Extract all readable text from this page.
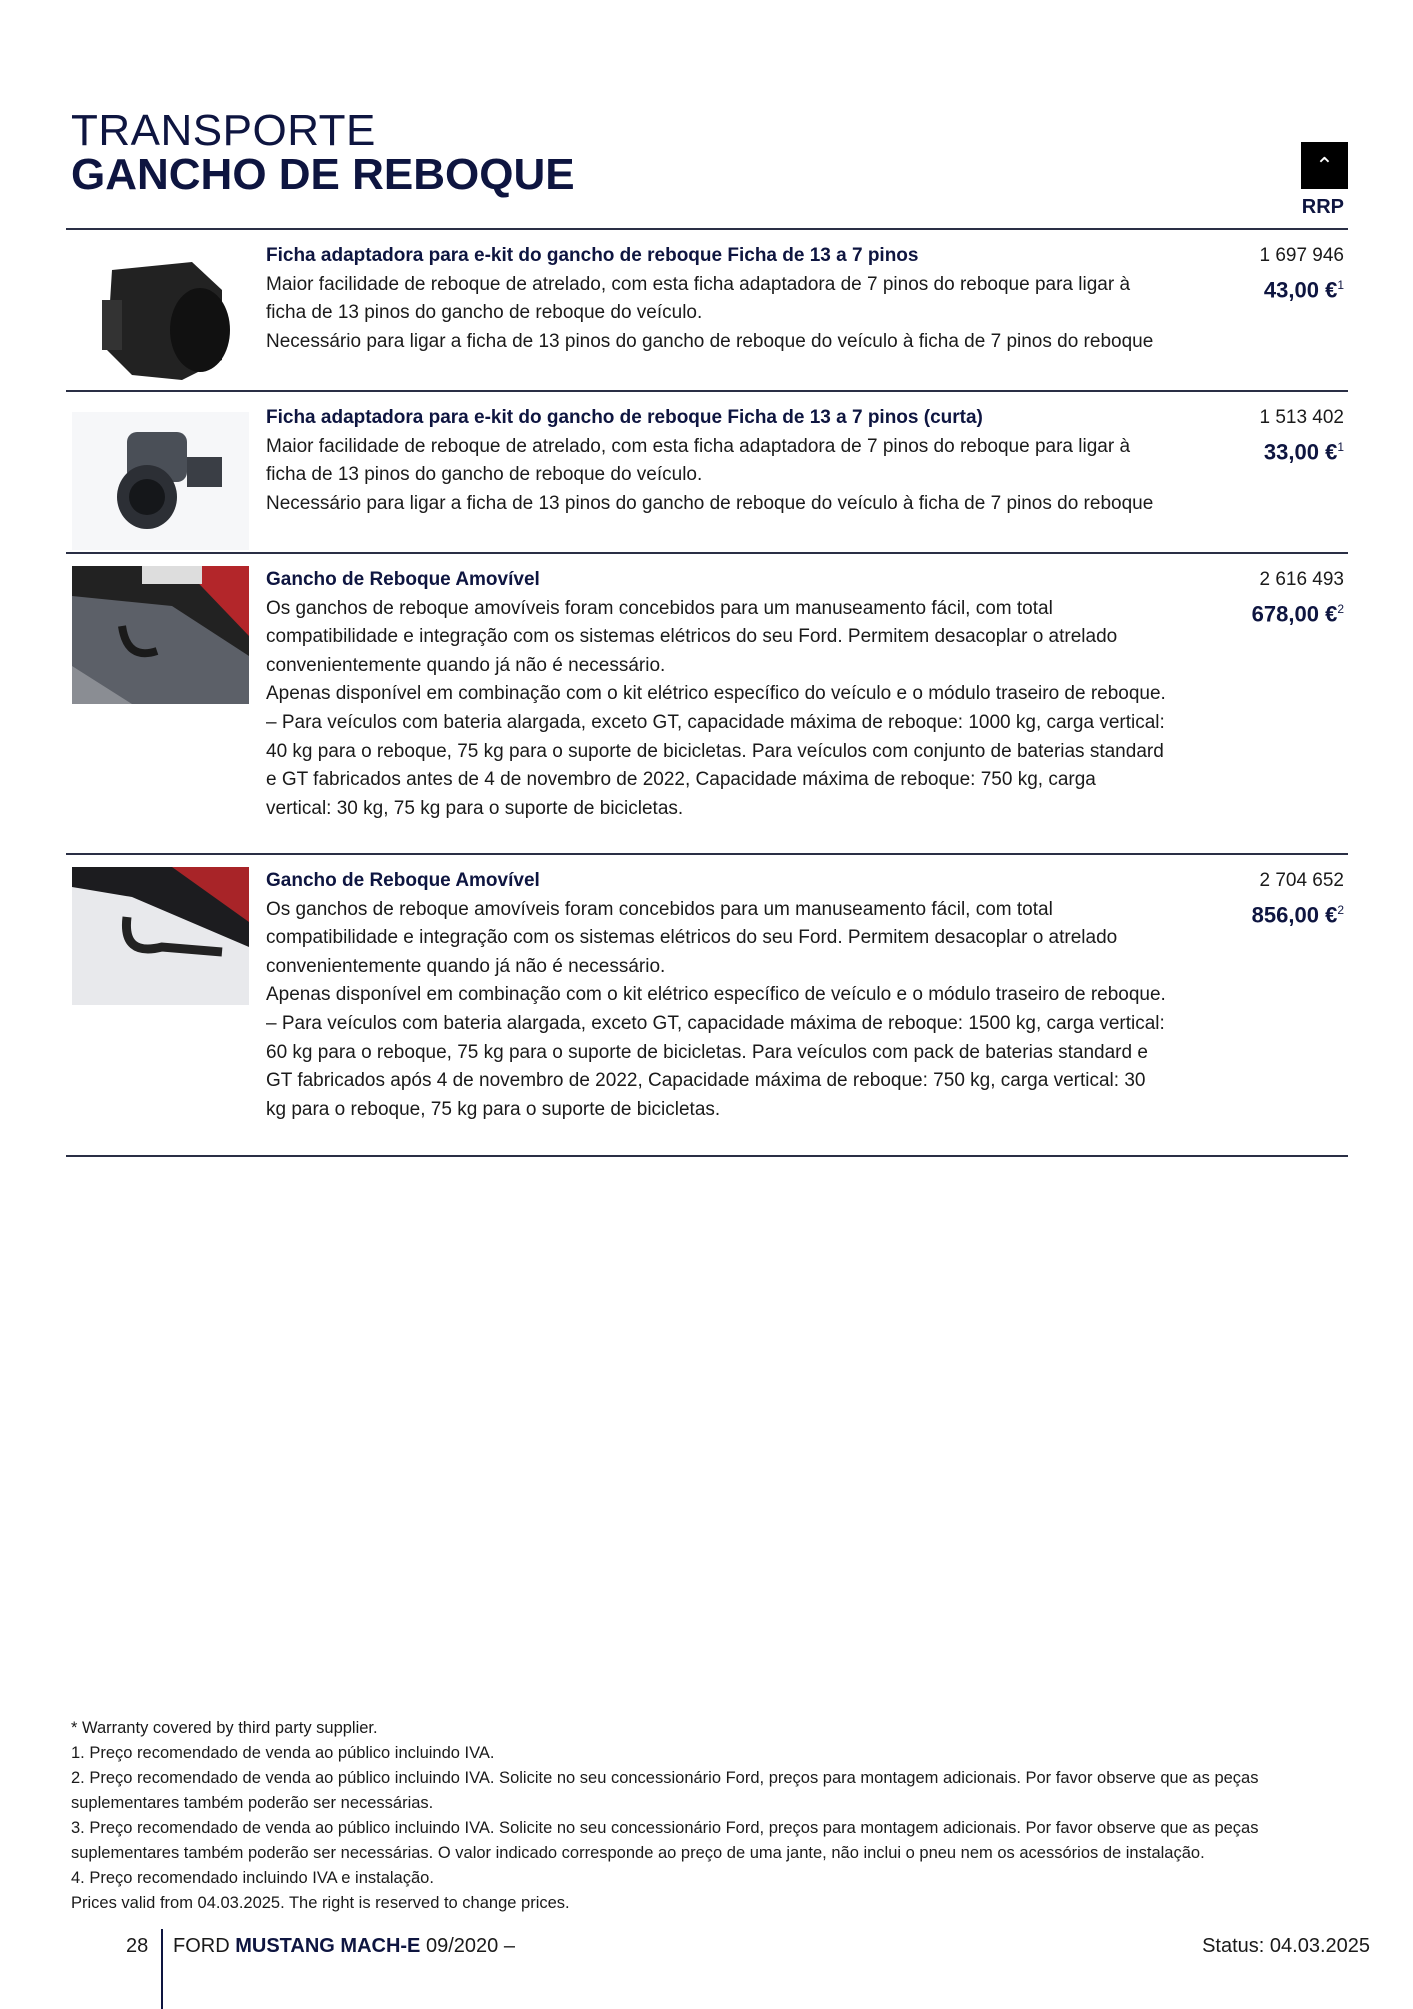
TRANSPORTE
GANCHO DE REBOQUE	⌃
RRP
Ficha adaptadora para e-kit do gancho de reboque Ficha de 13 a 7 pinos
Maior facilidade de reboque de atrelado, com esta ficha adaptadora de 7 pinos do reboque para ligar à ficha de 13 pinos do gancho de reboque do veículo.
Necessário para ligar a ficha de 13 pinos do gancho de reboque do veículo à ficha de 7 pinos do reboque
1 697 946
43,00 €$^1$
Ficha adaptadora para e-kit do gancho de reboque Ficha de 13 a 7 pinos (curta)
Maior facilidade de reboque de atrelado, com esta ficha adaptadora de 7 pinos do reboque para ligar à ficha de 13 pinos do gancho de reboque do veículo.
Necessário para ligar a ficha de 13 pinos do gancho de reboque do veículo à ficha de 7 pinos do reboque
1 513 402
33,00 €$^1$
Gancho de Reboque Amovível
Os ganchos de reboque amovíveis foram concebidos para um manuseamento fácil, com total compatibilidade e integração com os sistemas elétricos do seu Ford. Permitem desacoplar o atrelado convenientemente quando já não é necessário.
Apenas disponível em combinação com o kit elétrico específico do veículo e o módulo traseiro de reboque. – Para veículos com bateria alargada, exceto GT, capacidade máxima de reboque: 1000 kg, carga vertical: 40 kg para o reboque, 75 kg para o suporte de bicicletas. Para veículos com conjunto de baterias standard e GT fabricados antes de 4 de novembro de 2022, Capacidade máxima de reboque: 750 kg, carga vertical: 30 kg, 75 kg para o suporte de bicicletas.
2 616 493
678,00 €$^2$
Gancho de Reboque Amovível
Os ganchos de reboque amovíveis foram concebidos para um manuseamento fácil, com total compatibilidade e integração com os sistemas elétricos do seu Ford. Permitem desacoplar o atrelado convenientemente quando já não é necessário.
Apenas disponível em combinação com o kit elétrico específico de veículo e o módulo traseiro de reboque. – Para veículos com bateria alargada, exceto GT, capacidade máxima de reboque: 1500 kg, carga vertical: 60 kg para o reboque, 75 kg para o suporte de bicicletas. Para veículos com pack de baterias standard e GT fabricados após 4 de novembro de 2022, Capacidade máxima de reboque: 750 kg, carga vertical: 30 kg para o reboque, 75 kg para o suporte de bicicletas.
2 704 652
856,00 €$^2$
* Warranty covered by third party supplier.
1. Preço recomendado de venda ao público incluindo IVA.
2. Preço recomendado de venda ao público incluindo IVA. Solicite no seu concessionário Ford, preços para montagem adicionais. Por favor observe que as peças suplementares também poderão ser necessárias.
3. Preço recomendado de venda ao público incluindo IVA. Solicite no seu concessionário Ford, preços para montagem adicionais. Por favor observe que as peças suplementares também poderão ser necessárias. O valor indicado corresponde ao preço de uma jante, não inclui o pneu nem os acessórios de instalação.
4. Preço recomendado incluindo IVA e instalação.
Prices valid from 04.03.2025. The right is reserved to change prices.
28 FORD MUSTANG MACH-E 09/2020 –	Status: 04.03.2025
